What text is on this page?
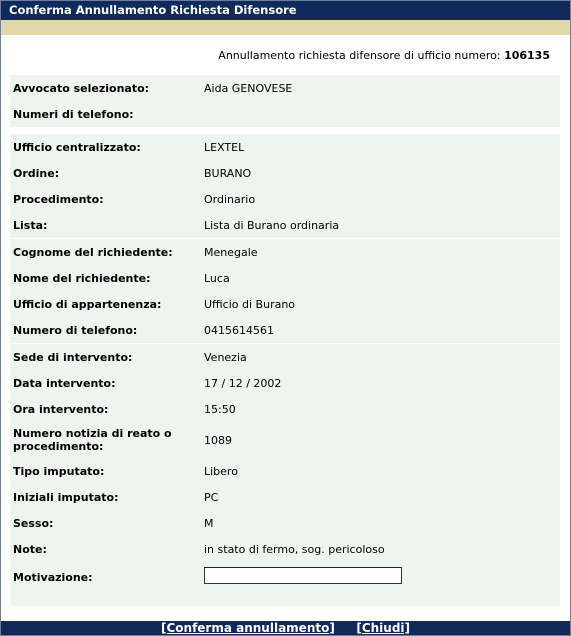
Conferma Annullamento Richiesta Difensore
Annullamento richiesta difensore di ufficio numero: 106135
Avvocato selezionato:	Aida GENOVESE
Numeri di telefono:
Ufficio centralizzato:	LEXTEL
Ordine:	BURANO
Procedimento:	Ordinario
Lista:	Lista di Burano ordinaria
Cognome del richiedente:	Menegale
Nome del richiedente:	Luca
Ufficio di appartenenza:	Ufficio di Burano
Numero di telefono:	0415614561
Sede di intervento:	Venezia
Data intervento:	17 / 12 / 2002
Ora intervento:	15:50
Numero notizia di reato o procedimento:	1089
Tipo imputato:	Libero
Iniziali imputato:	PC
Sesso:	M
Note:	in stato di fermo, sog. pericoloso
Motivazione:
[Conferma annullamento] [Chiudi]
